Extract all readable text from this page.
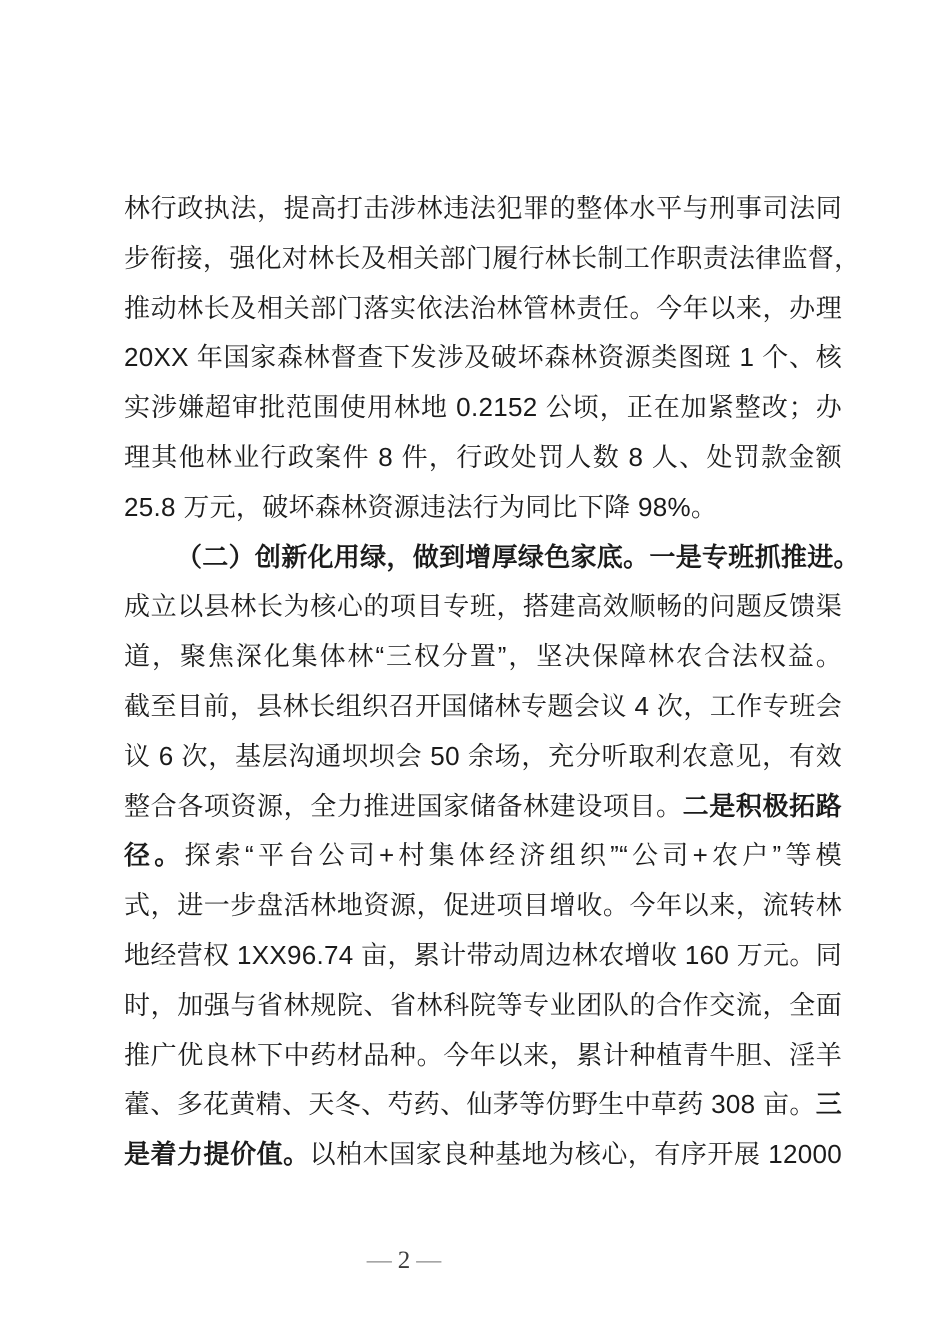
林行政执法，提高打击涉林违法犯罪的整体水平与刑事司法同
步衔接，强化对林长及相关部门履行林长制工作职责法律监督，
推动林长及相关部门落实依法治林管林责任。今年以来，办理
20XX 年国家森林督查下发涉及破坏森林资源类图斑 1 个、核
实涉嫌超审批范围使用林地 0.2152 公顷，正在加紧整改；办
理其他林业行政案件 8 件，行政处罚人数 8 人、处罚款金额
25.8 万元，破坏森林资源违法行为同比下降 98%。
（二）创新化用绿，做到增厚绿色家底。一是专班抓推进。
成立以县林长为核心的项目专班，搭建高效顺畅的问题反馈渠
道，聚焦深化集体林“三权分置”，坚决保障林农合法权益。
截至目前，县林长组织召开国储林专题会议 4 次，工作专班会
议 6 次，基层沟通坝坝会 50 余场，充分听取利农意见，有效
整合各项资源，全力推进国家储备林建设项目。二是积极拓路
径。探索“平台公司+村集体经济组织”“公司+农户”等模
式，进一步盘活林地资源，促进项目增收。今年以来，流转林
地经营权 1XX96.74 亩，累计带动周边林农增收 160 万元。同
时，加强与省林规院、省林科院等专业团队的合作交流，全面
推广优良林下中药材品种。今年以来，累计种植青牛胆、淫羊
藿、多花黄精、天冬、芍药、仙茅等仿野生中草药 308 亩。三
是着力提价值。以柏木国家良种基地为核心，有序开展 12000
— 2 —
